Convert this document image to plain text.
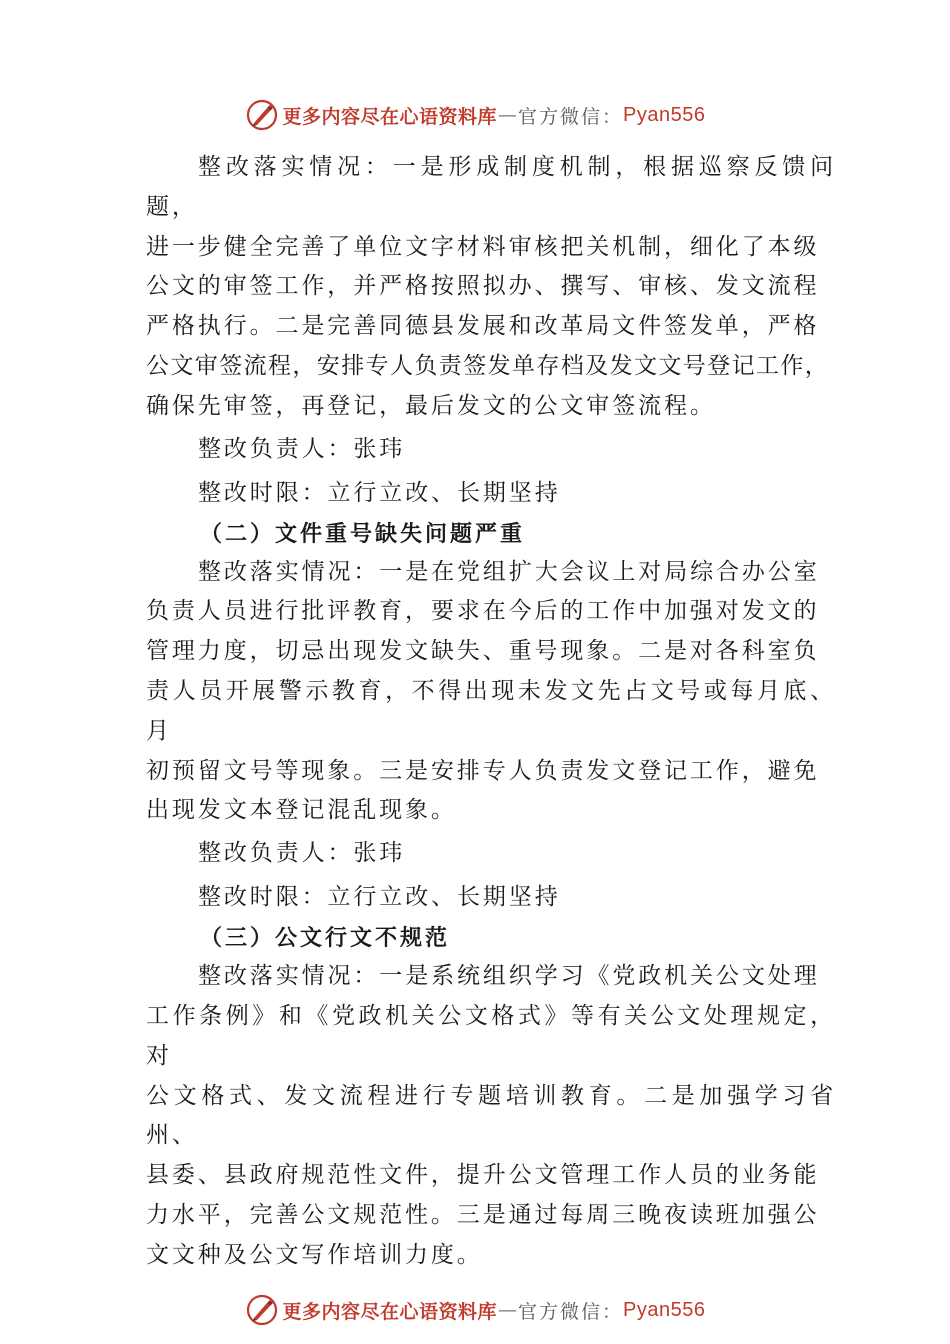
更多内容尽在心语资料库 — 官方微信： Pyan556

整改落实情况：一是形成制度机制，根据巡察反馈问题，
进一步健全完善了单位文字材料审核把关机制，细化了本级
公文的审签工作，并严格按照拟办、撰写、审核、发文流程
严格执行。二是完善同德县发展和改革局文件签发单，严格
公文审签流程，安排专人负责签发单存档及发文文号登记工作，
确保先审签，再登记，最后发文的公文审签流程。

整改负责人：张玮

整改时限：立行立改、长期坚持

（二）文件重号缺失问题严重

整改落实情况：一是在党组扩大会议上对局综合办公室
负责人员进行批评教育，要求在今后的工作中加强对发文的
管理力度，切忌出现发文缺失、重号现象。二是对各科室负
责人员开展警示教育，不得出现未发文先占文号或每月底、 月
初预留文号等现象。三是安排专人负责发文登记工作，避免
出现发文本登记混乱现象。

整改负责人：张玮

整改时限：立行立改、长期坚持

（三）公文行文不规范

整改落实情况：一是系统组织学习《党政机关公文处理
工作条例》和《党政机关公文格式》等有关公文处理规定， 对
公文格式、发文流程进行专题培训教育。二是加强学习省州、
县委、县政府规范性文件，提升公文管理工作人员的业务能
力水平，完善公文规范性。三是通过每周三晚夜读班加强公
文文种及公文写作培训力度。

更多内容尽在心语资料库 — 官方微信： Pyan556
